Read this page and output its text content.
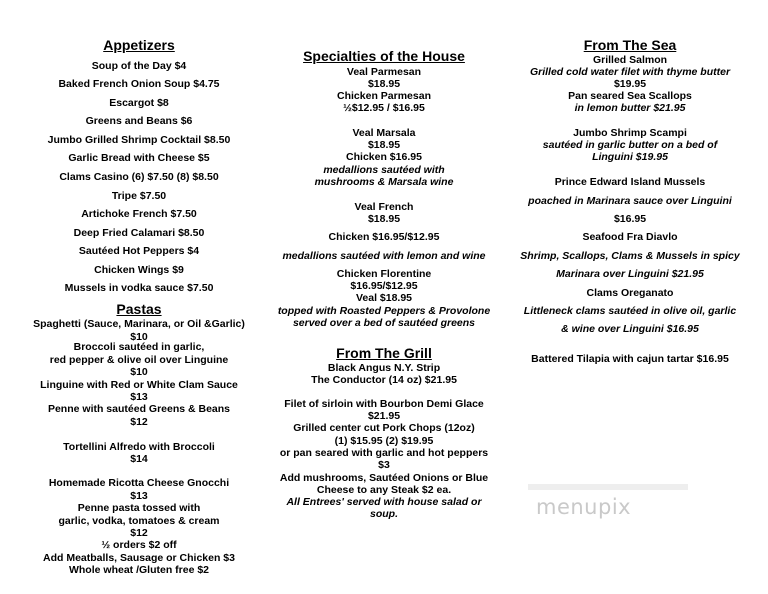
Appetizers
Soup of the Day $4
Baked French Onion Soup $4.75
Escargot $8
Greens and Beans $6
Jumbo Grilled Shrimp Cocktail $8.50
Garlic Bread with Cheese $5
Clams Casino (6) $7.50 (8) $8.50
Tripe $7.50
Artichoke French $7.50
Deep Fried Calamari $8.50
Sautéed Hot Peppers $4
Chicken Wings $9
Mussels in vodka sauce $7.50
Pastas
Spaghetti (Sauce, Marinara, or Oil &Garlic)
$10
Broccoli sautéed in garlic,
red pepper & olive oil over Linguine
$10
Linguine with Red or White Clam Sauce
$13
Penne with sautéed Greens & Beans
$12
Tortellini Alfredo with Broccoli
$14
Homemade Ricotta Cheese Gnocchi
$13
Penne pasta tossed with
garlic, vodka, tomatoes & cream
$12
½ orders $2 off
Add Meatballs, Sausage or Chicken $3
Whole wheat /Gluten free $2
Specialties of the House
Veal Parmesan
$18.95
Chicken Parmesan
½$12.95 / $16.95
Veal Marsala
$18.95
Chicken $16.95
medallions sautéed with
mushrooms & Marsala wine
Veal French
$18.95
Chicken $16.95/$12.95
medallions sautéed with lemon and wine
Chicken Florentine
$16.95/$12.95
Veal $18.95
topped with Roasted Peppers & Provolone
served over a bed of sautéed greens
From The Grill
Black Angus N.Y. Strip
The Conductor (14 oz) $21.95
Filet of sirloin with Bourbon Demi Glace
$21.95
Grilled center cut Pork Chops (12oz)
(1) $15.95 (2) $19.95
or pan seared with garlic and hot peppers
$3
Add mushrooms, Sautéed Onions or Blue
Cheese to any Steak $2 ea.
All Entrees' served with house salad or
soup.
From The Sea
Grilled Salmon
Grilled cold water filet with thyme butter
$19.95
Pan seared Sea Scallops
in lemon butter $21.95
Jumbo Shrimp Scampi
sautéed in garlic butter on a bed of
Linguini $19.95
Prince Edward Island Mussels
poached in Marinara sauce over Linguini
$16.95
Seafood Fra Diavlo
Shrimp, Scallops, Clams & Mussels in spicy
Marinara over Linguini $21.95
Clams Oreganato
Littleneck clams sautéed in olive oil, garlic
& wine over Linguini $16.95
Battered Tilapia with cajun tartar $16.95
menupix
